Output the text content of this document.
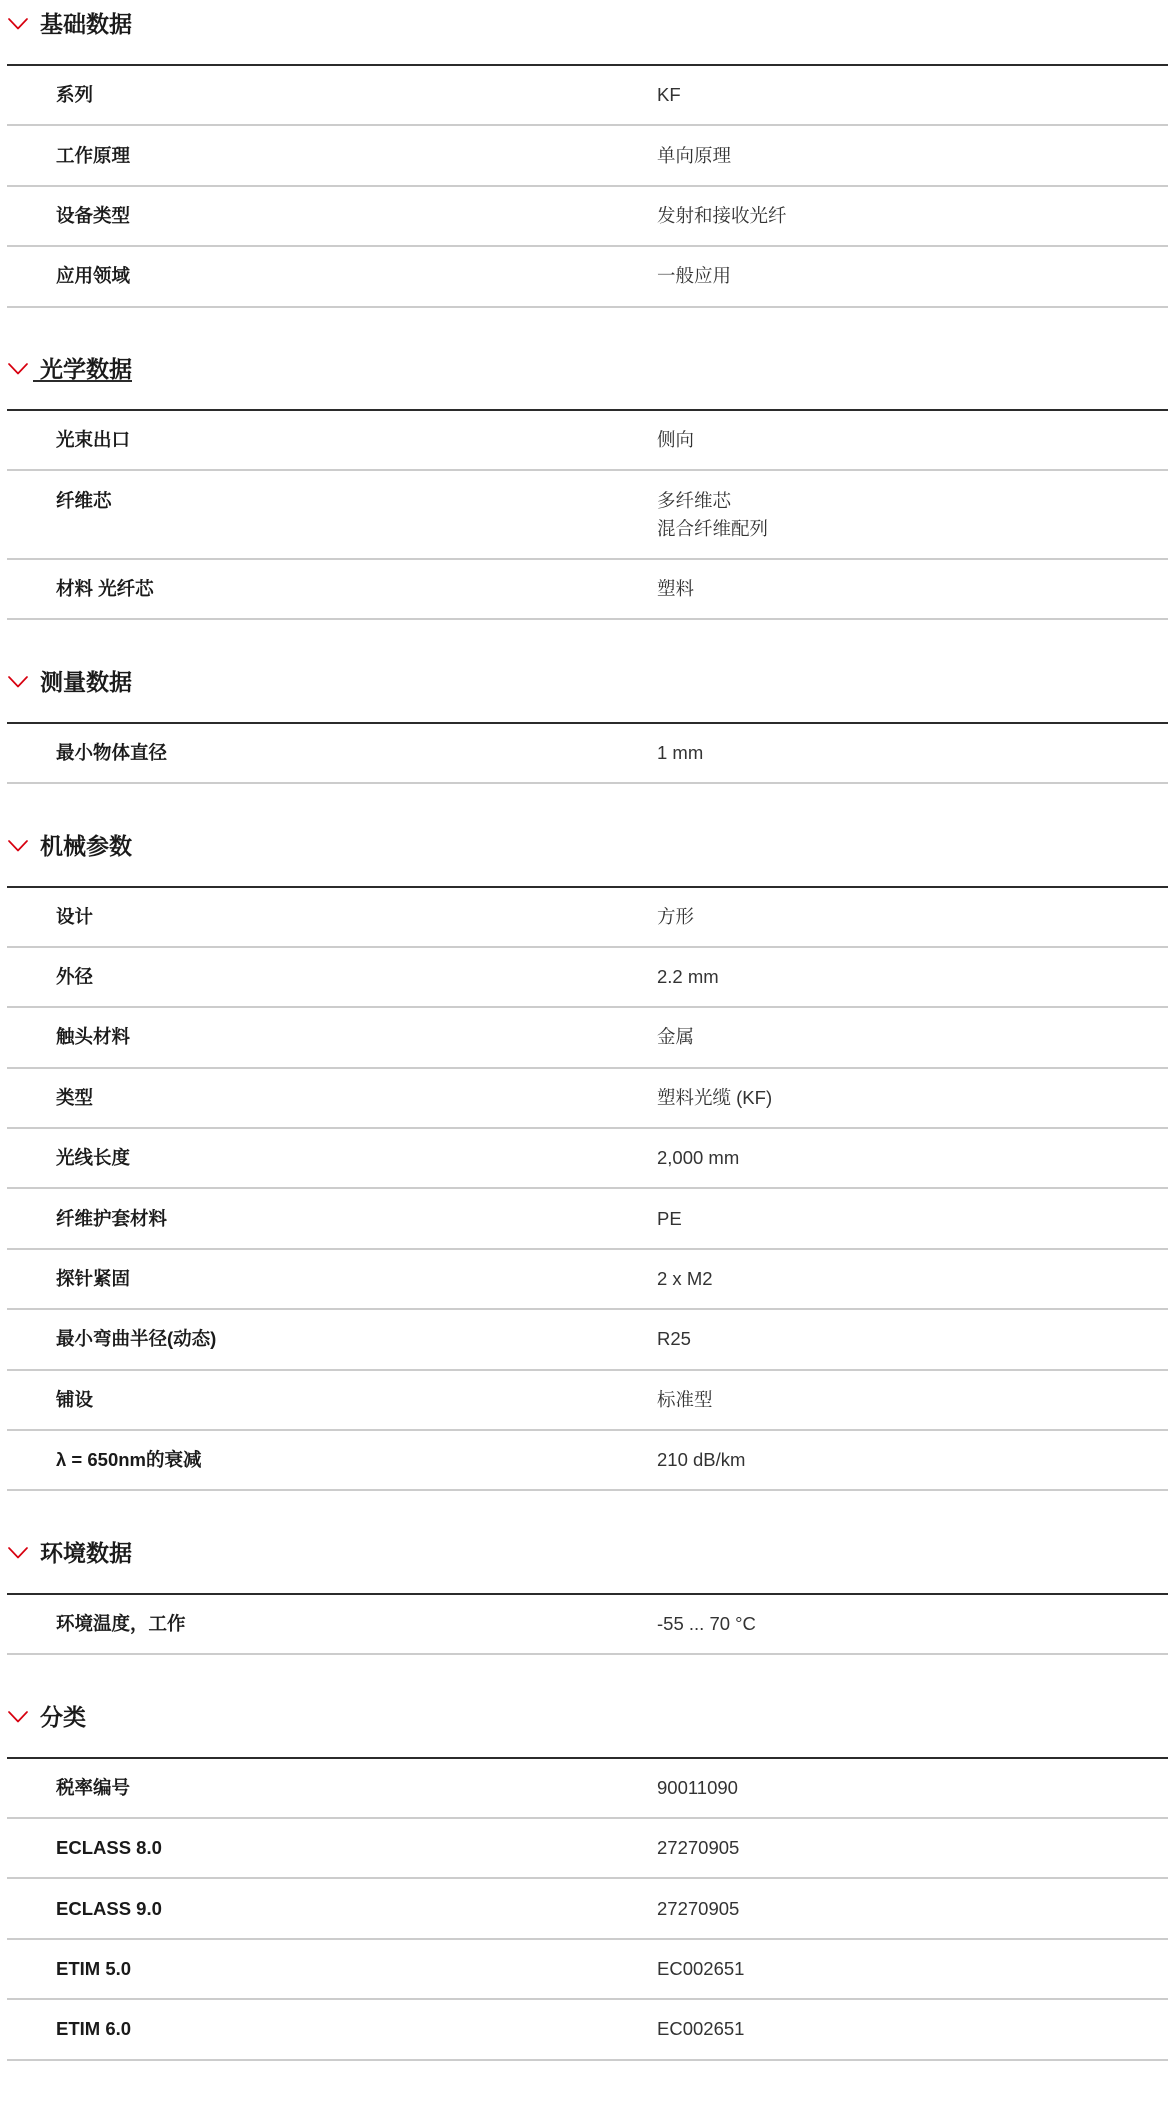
基础数据
系列	KF
工作原理	单向原理
设备类型	发射和接收光纤
应用领域	一般应用
光学数据
光束出口	侧向
纤维芯	多纤维芯
混合纤维配列
材料 光纤芯	塑料
测量数据
最小物体直径	1 mm
机械参数
设计	方形
外径	2.2 mm
触头材料	金属
类型	塑料光缆 (KF)
光线长度	2,000 mm
纤维护套材料	PE
探针紧固	2 x M2
最小弯曲半径(动态)	R25
铺设	标准型
λ = 650nm的衰减	210 dB/km
环境数据
环境温度，工作	-55 ... 70 °C
分类
税率编号	90011090
ECLASS 8.0	27270905
ECLASS 9.0	27270905
ETIM 5.0	EC002651
ETIM 6.0	EC002651
